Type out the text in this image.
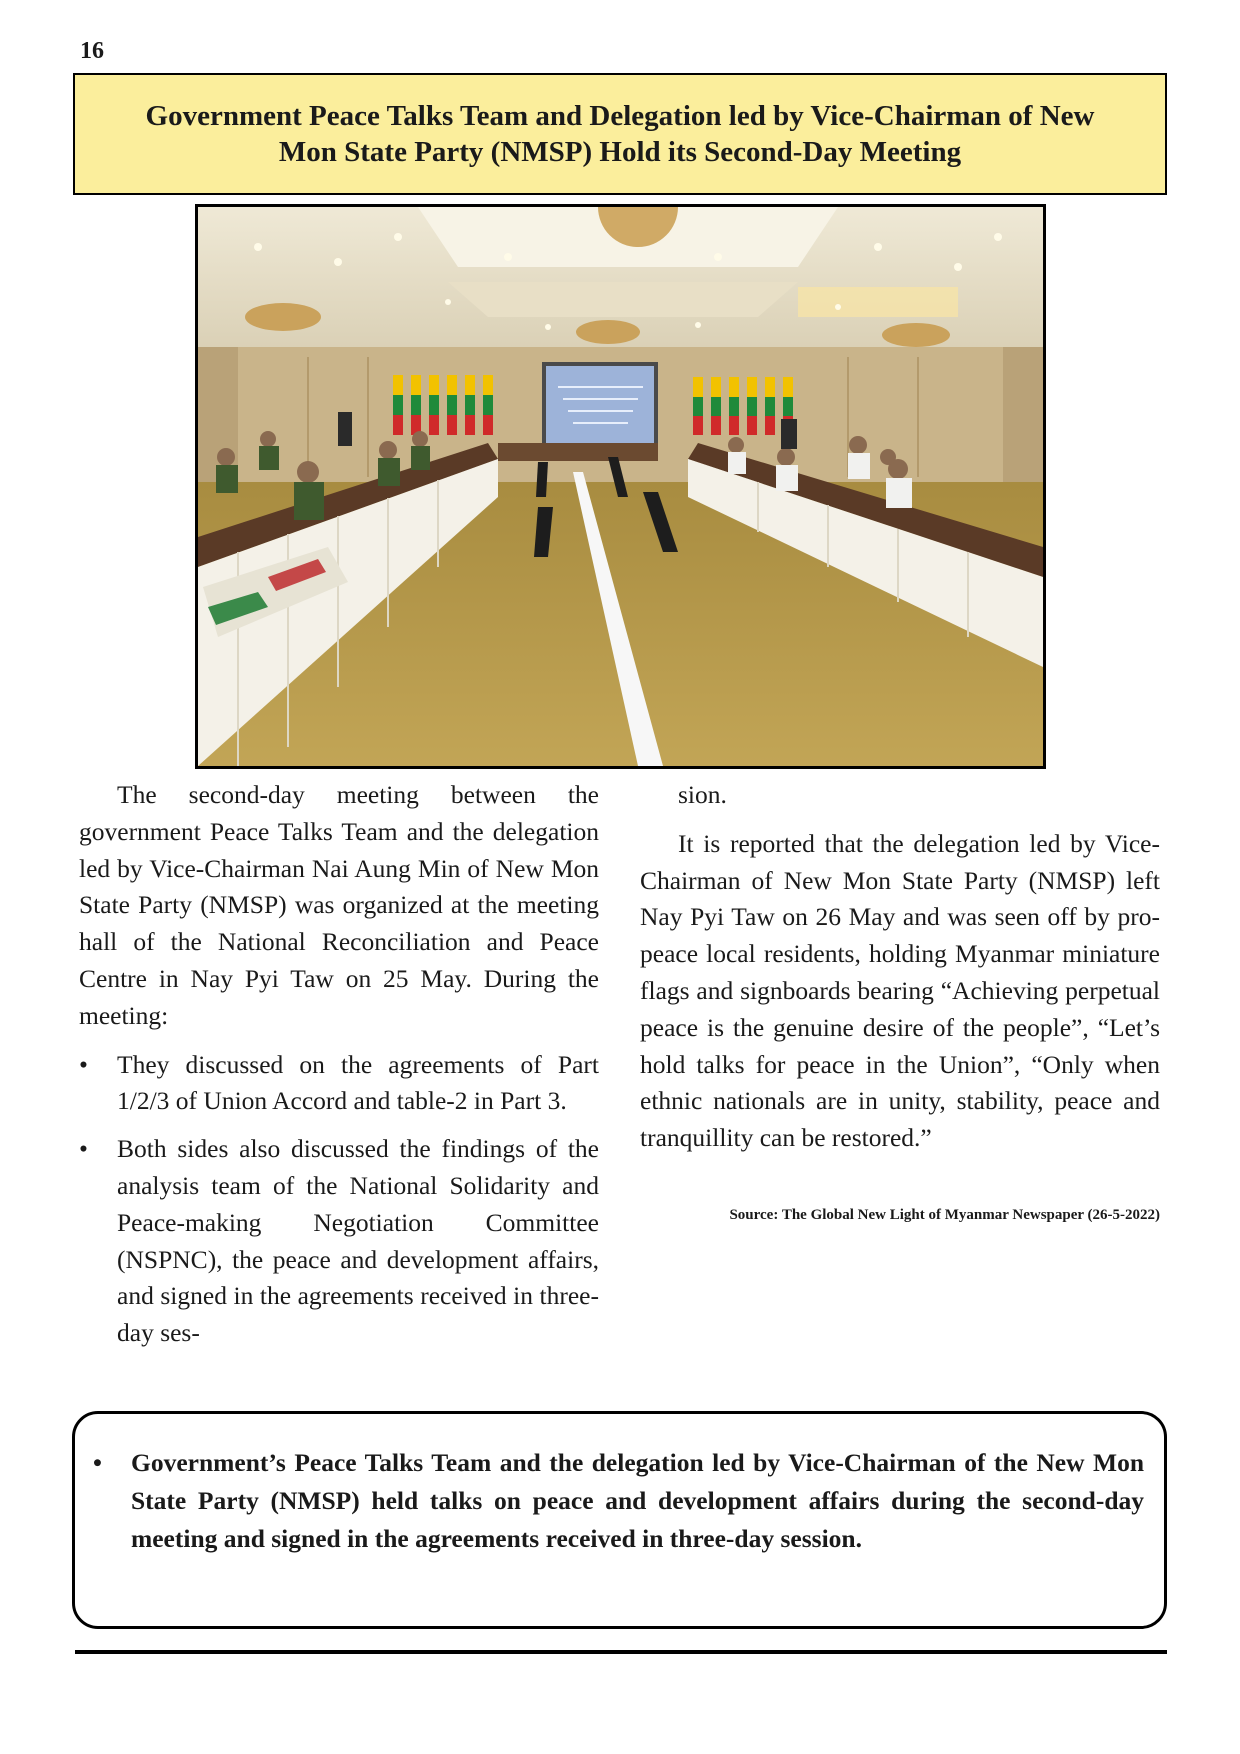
16
Government Peace Talks Team and Delegation led by Vice-Chairman of New
Mon State Party (NMSP) Hold its Second-Day Meeting

The second-day meeting between the government Peace Talks Team and the delegation led by Vice-Chairman Nai Aung Min of New Mon State Party (NMSP) was organized at the meeting hall of the National Reconciliation and Peace Centre in Nay Pyi Taw on 25 May. During the meeting:

• They discussed on the agreements of Part 1/2/3 of Union Accord and table-2 in Part 3.
• Both sides also discussed the findings of the analysis team of the National Solidarity and Peace-making Negotiation Committee (NSPNC), the peace and development affairs, and signed in the agreements received in three-day ses-

sion.

It is reported that the delegation led by Vice-Chairman of New Mon State Party (NMSP) left Nay Pyi Taw on 26 May and was seen off by pro-peace local residents, holding Myanmar miniature flags and signboards bearing “Achieving perpetual peace is the genuine desire of the people”, “Let’s hold talks for peace in the Union”, “Only when ethnic nationals are in unity, stability, peace and tranquillity can be restored.”

Source: The Global New Light of Myanmar Newspaper (26-5-2022)

• Government’s Peace Talks Team and the delegation led by Vice-Chairman of the New Mon State Party (NMSP) held talks on peace and development affairs during the second-day meeting and signed in the agreements received in three-day session.
